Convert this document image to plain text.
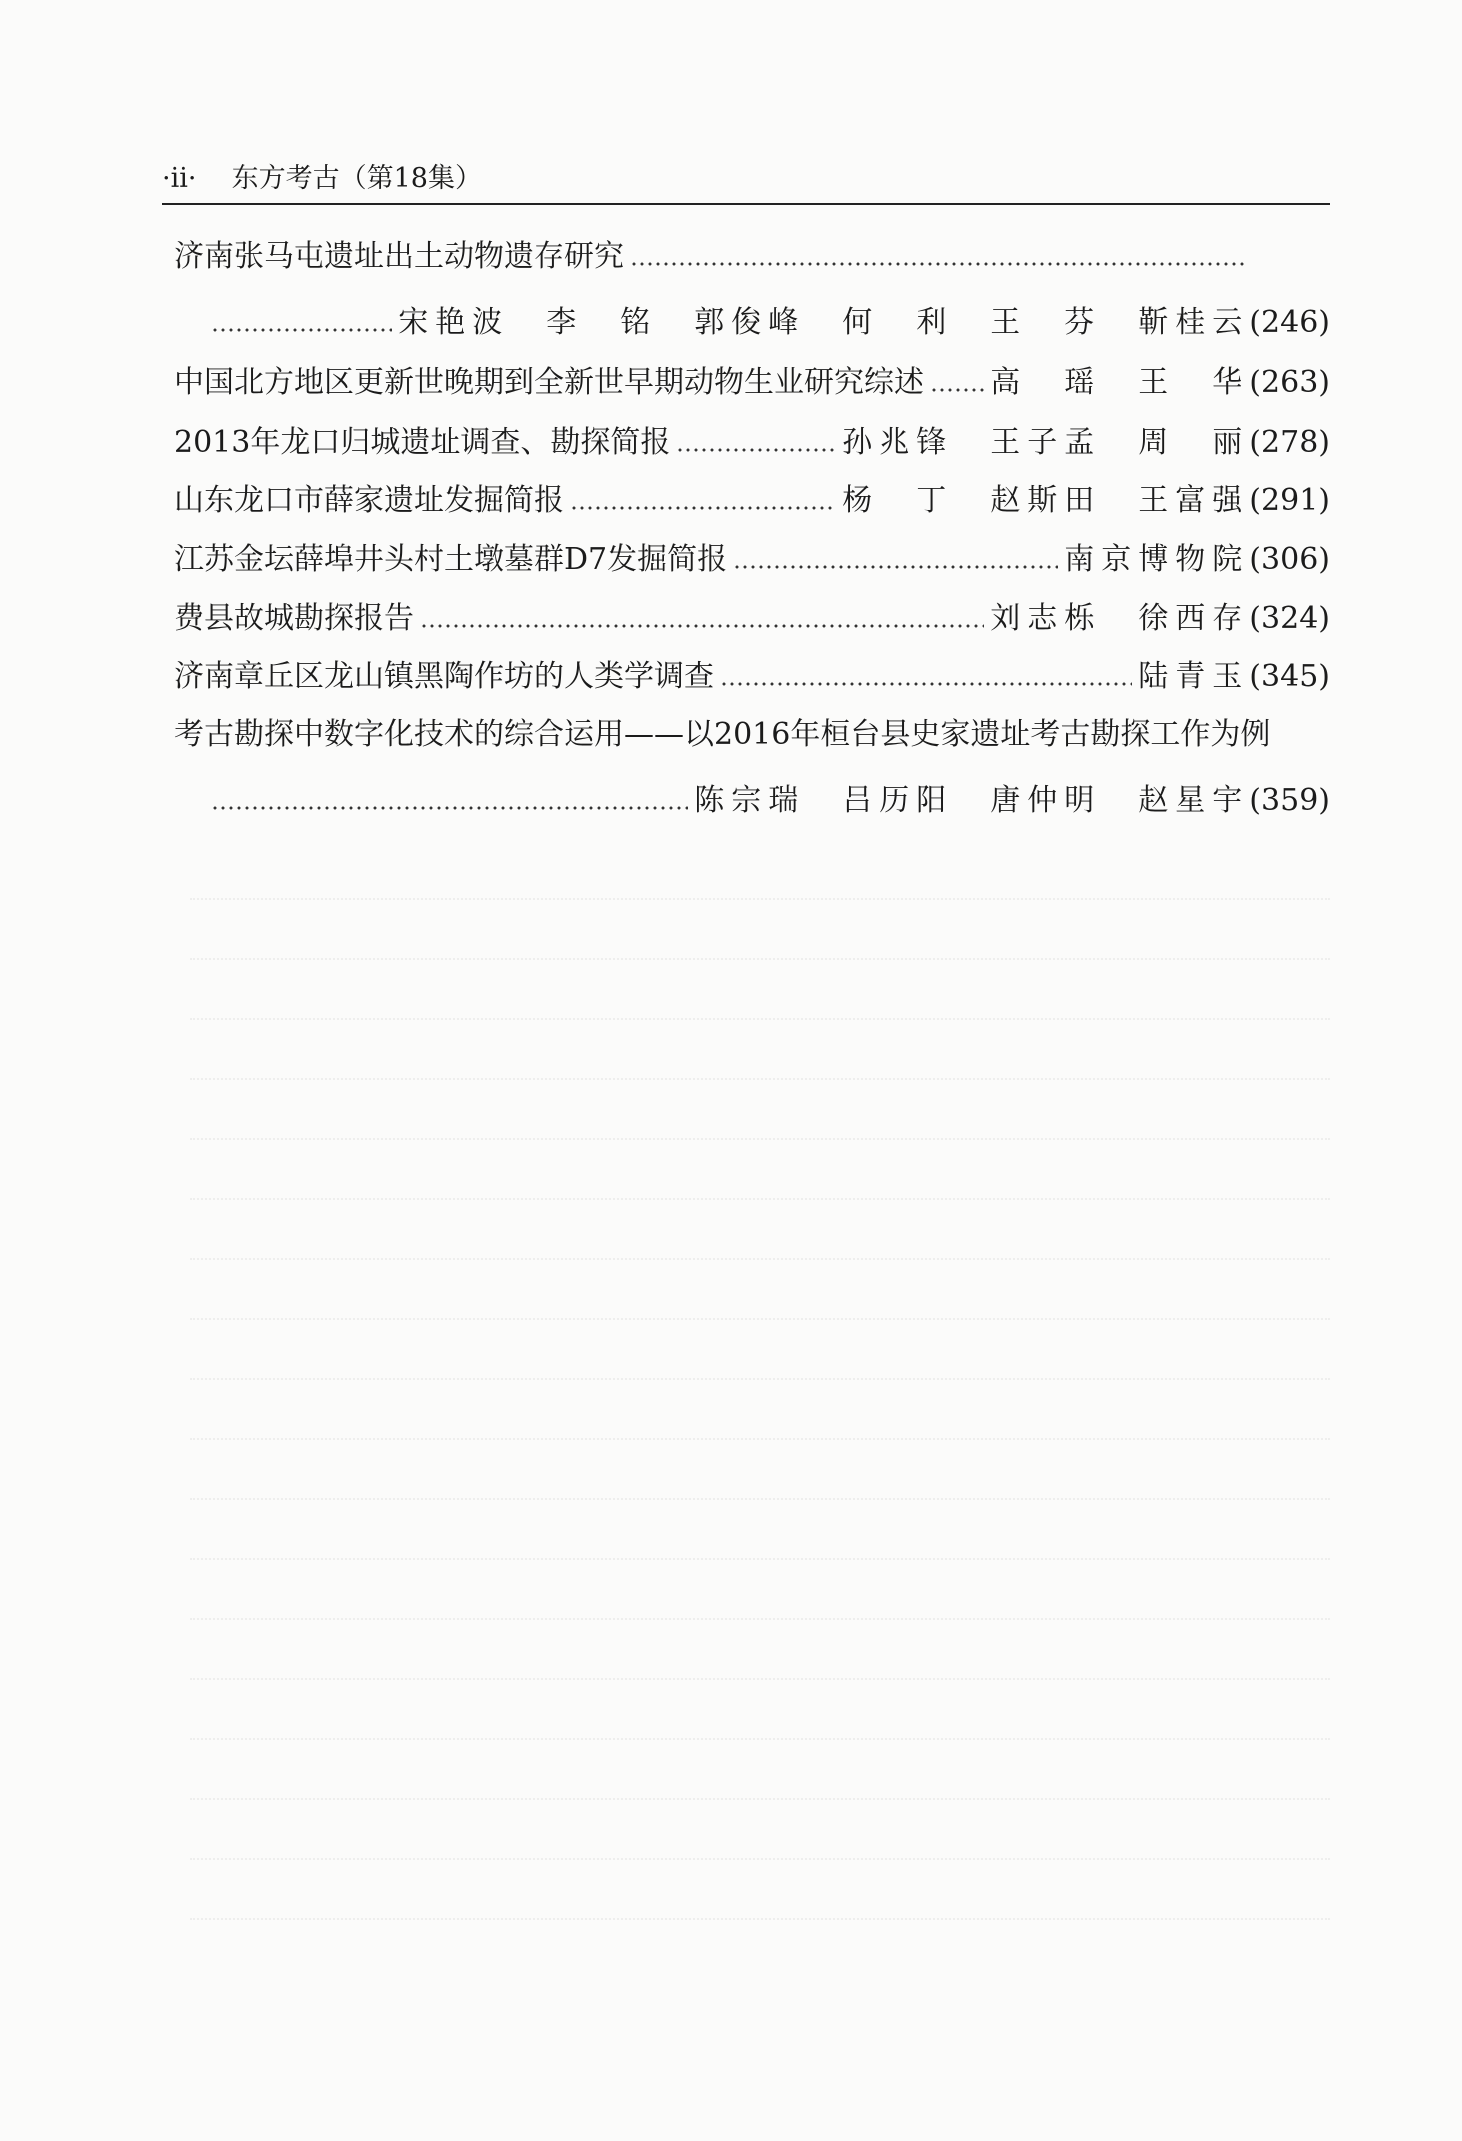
·ii· 东方考古（第18集）
济南张马屯遗址出土动物遗存研究
宋艳波　李　铭　郭俊峰　何　利　王　芬　靳桂云 ( 246 )
中国北方地区更新世晚期到全新世早期动物生业研究综述 高　瑶　王　华 ( 263 )
2013年龙口归城遗址调查、勘探简报	孙兆锋　王子孟　周　丽 ( 278 )
山东龙口市薛家遗址发掘简报	杨　丁　赵斯田　王富强 ( 291 )
江苏金坛薛埠井头村土墩墓群D7发掘简报	南京博物院 ( 306 )
费县故城勘探报告	刘志栎　徐西存 ( 324 )
济南章丘区龙山镇黑陶作坊的人类学调查	陆青玉 ( 345 )
考古勘探中数字化技术的综合运用——以2016年桓台县史家遗址考古勘探工作为例
陈宗瑞　吕历阳　唐仲明　赵星宇 ( 359 )
